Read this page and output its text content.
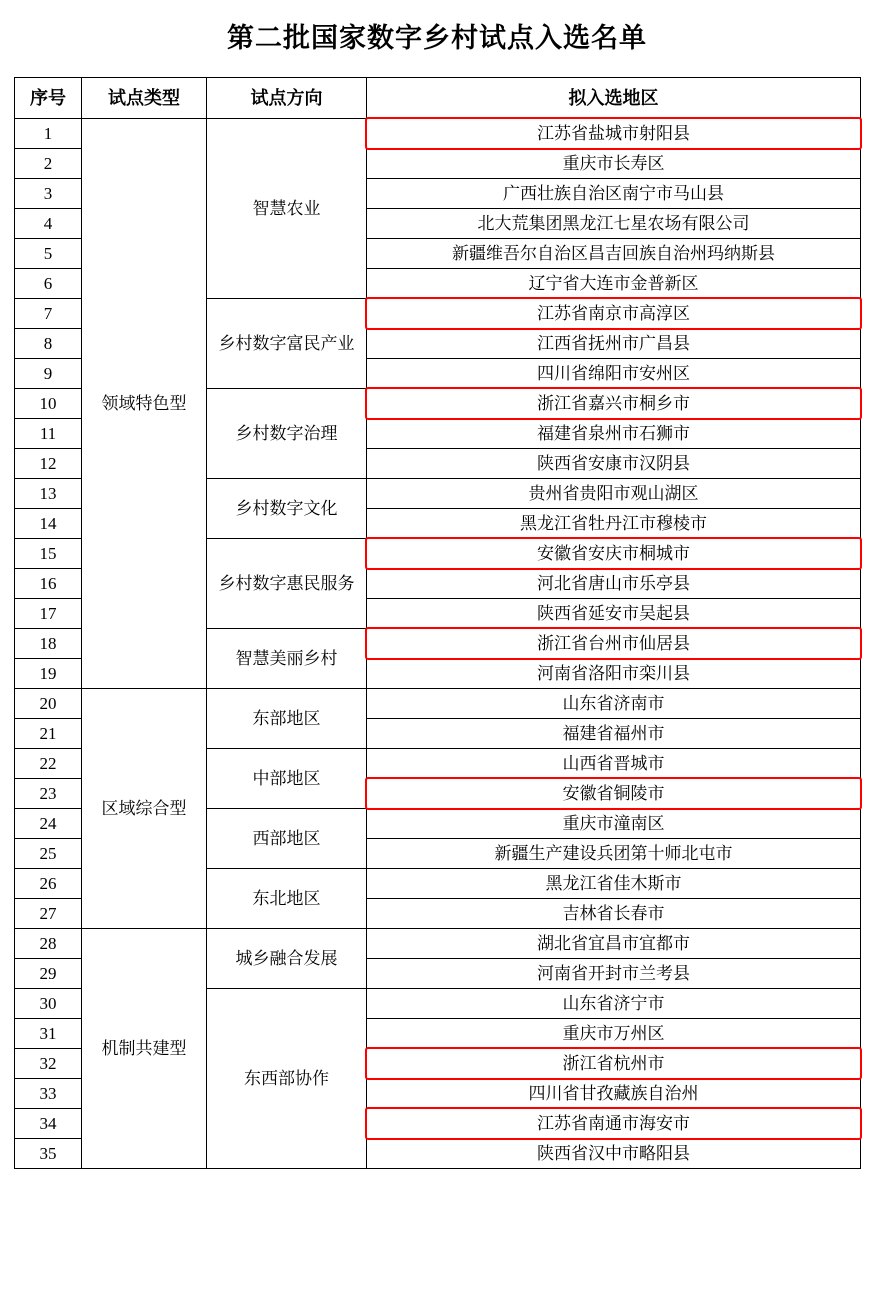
第二批国家数字乡村试点入选名单
序号	试点类型	试点方向	拟入选地区
1	领域特色型	智慧农业	江苏省盐城市射阳县

2			重庆市长寿区

3			广西壮族自治区南宁市马山县

4			北大荒集团黑龙江七星农场有限公司

5			新疆维吾尔自治区昌吉回族自治州玛纳斯县

6			辽宁省大连市金普新区

7		乡村数字富民产业	江苏省南京市高淳区

8			江西省抚州市广昌县

9			四川省绵阳市安州区

10		乡村数字治理	浙江省嘉兴市桐乡市

11			福建省泉州市石狮市

12			陕西省安康市汉阴县

13		乡村数字文化	贵州省贵阳市观山湖区

14			黑龙江省牡丹江市穆棱市

15		乡村数字惠民服务	安徽省安庆市桐城市

16			河北省唐山市乐亭县

17			陕西省延安市吴起县

18		智慧美丽乡村	浙江省台州市仙居县

19			河南省洛阳市栾川县

20	区域综合型	东部地区	山东省济南市

21			福建省福州市

22		中部地区	山西省晋城市

23			安徽省铜陵市

24		西部地区	重庆市潼南区

25			新疆生产建设兵团第十师北屯市

26		东北地区	黑龙江省佳木斯市

27			吉林省长春市

28	机制共建型	城乡融合发展	湖北省宜昌市宜都市

29			河南省开封市兰考县

30		东西部协作	山东省济宁市

31			重庆市万州区

32			浙江省杭州市

33			四川省甘孜藏族自治州

34			江苏省南通市海安市

35			陕西省汉中市略阳县
